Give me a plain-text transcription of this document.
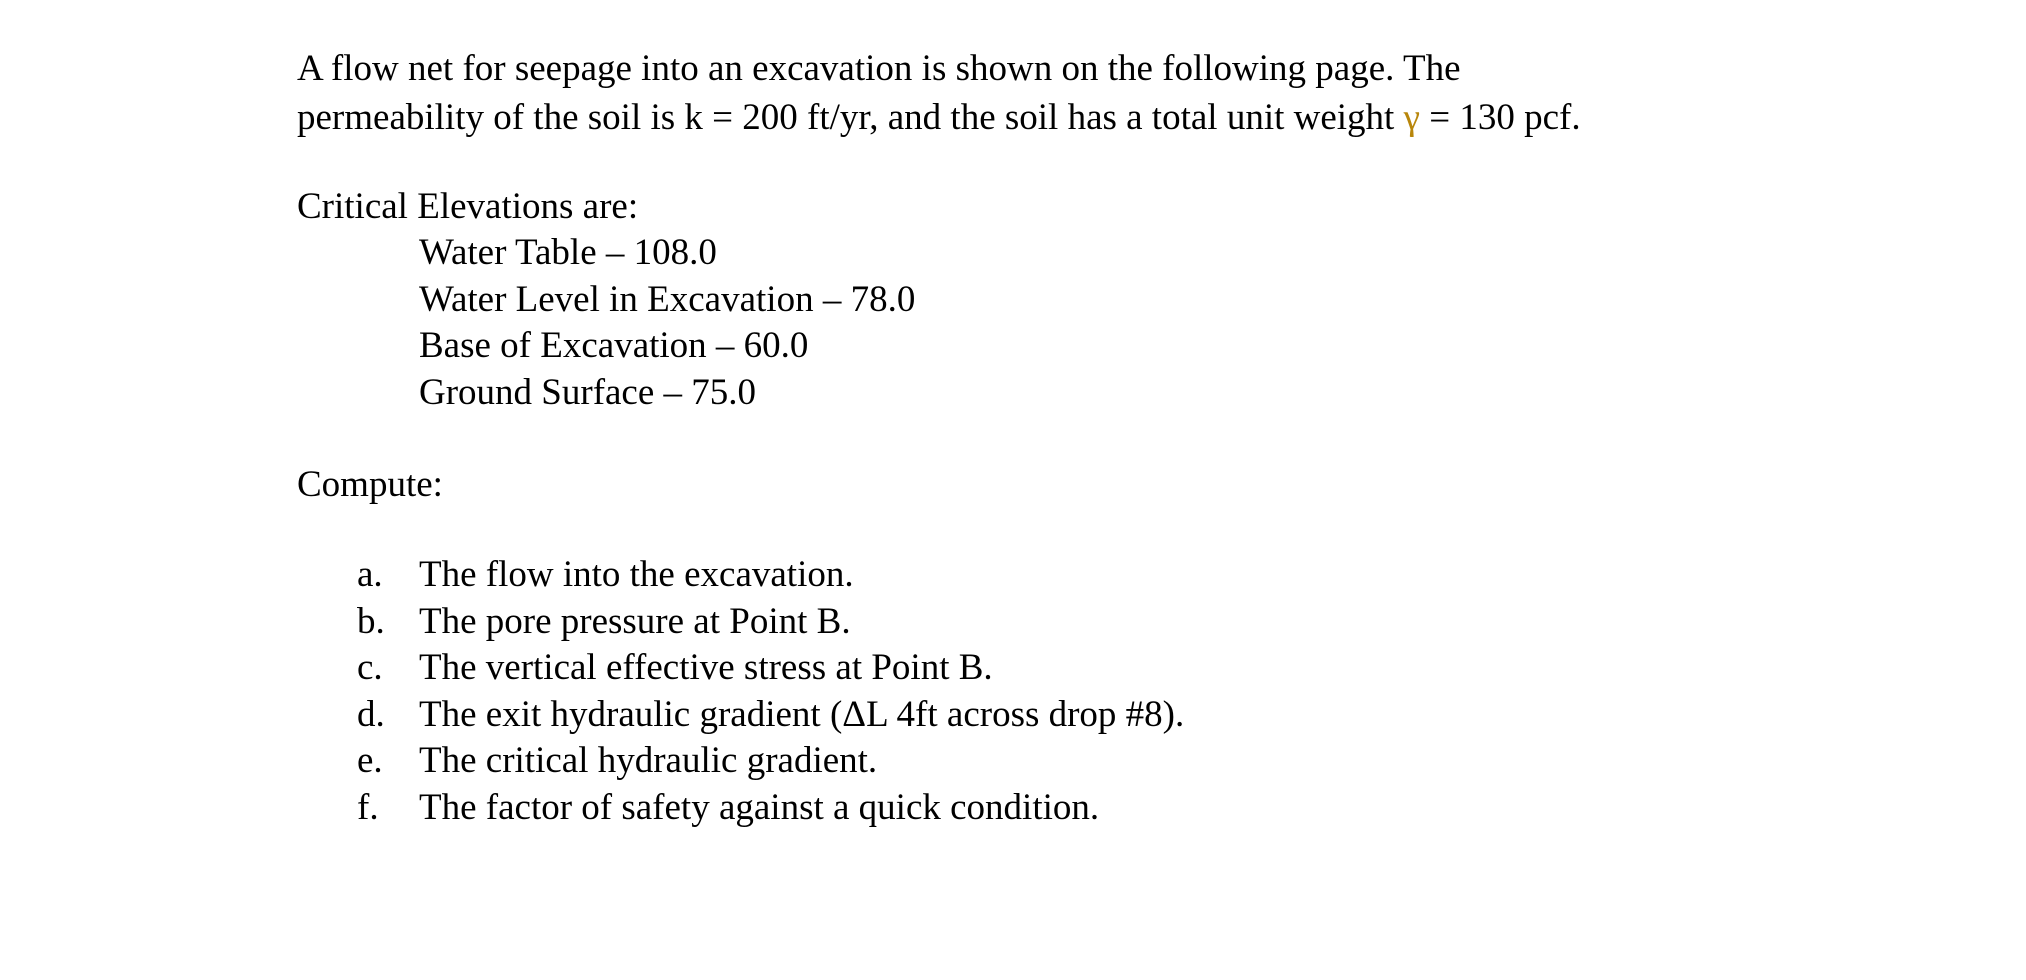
A flow net for seepage into an excavation is shown on the following page. The
permeability of the soil is k = 200 ft/yr, and the soil has a total unit weight γ = 130 pcf.

Critical Elevations are:

Water Table – 108.0
Water Level in Excavation – 78.0
Base of Excavation – 60.0
Ground Surface – 75.0

Compute:

a. The flow into the excavation.
b. The pore pressure at Point B.
c. The vertical effective stress at Point B.
d. The exit hydraulic gradient (ΔL 4ft across drop #8).
e. The critical hydraulic gradient.
f. The factor of safety against a quick condition.
